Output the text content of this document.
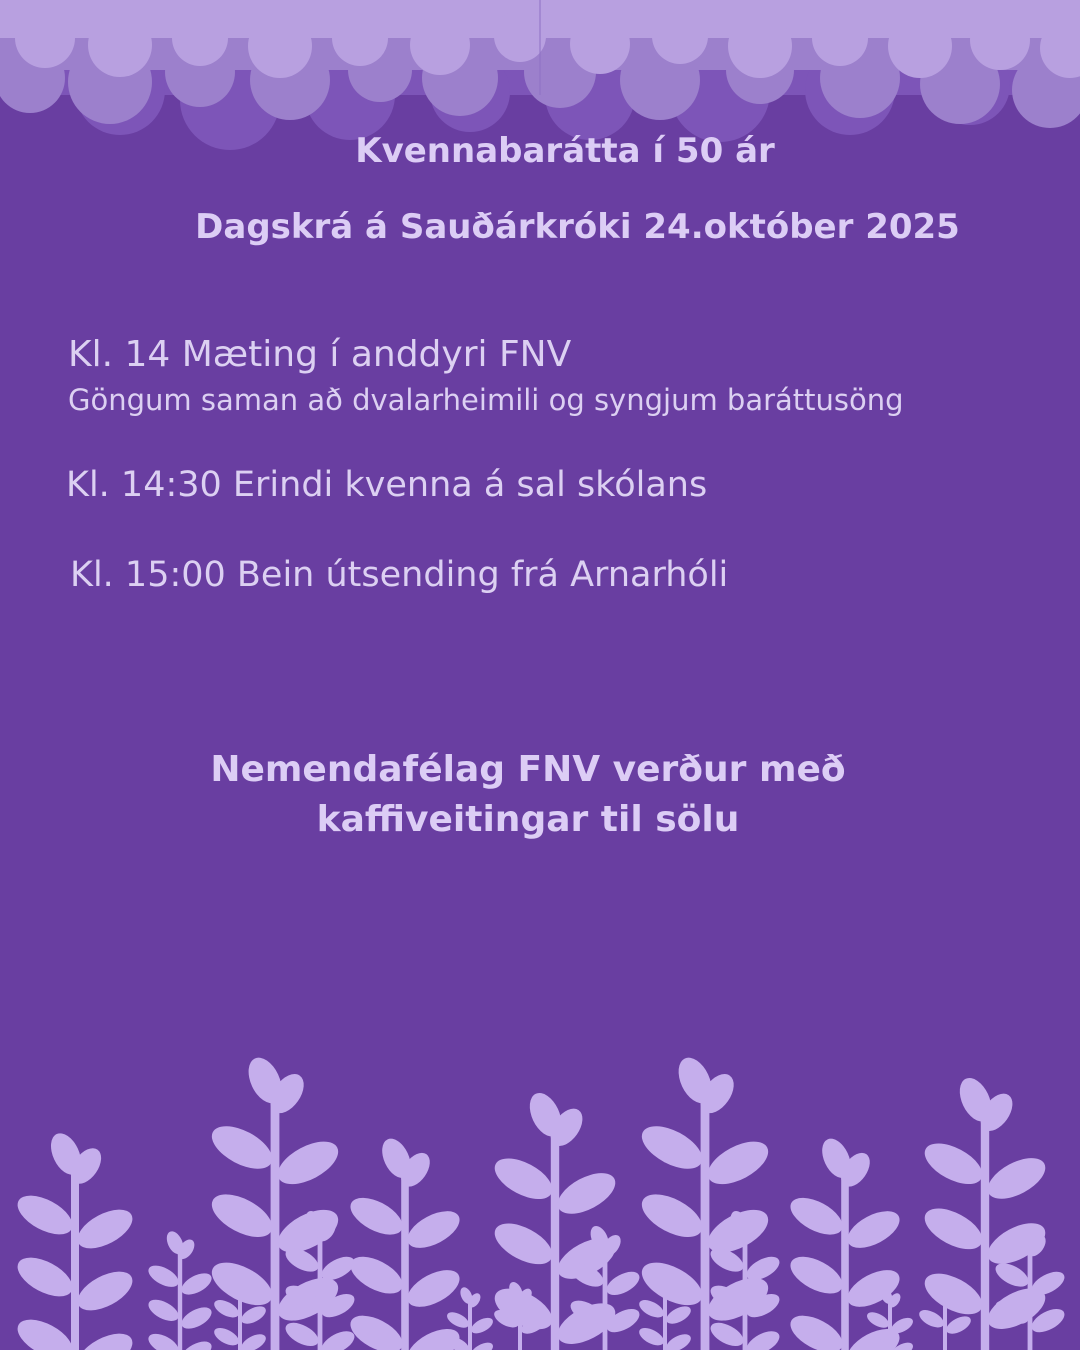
Kvennabarátta í 50 ár

Dagskrá á Sauðárkróki 24.október 2025

Kl. 14 Mæting í anddyri FNV

Göngum saman að dvalarheimili og syngjum baráttusöng

Kl. 14:30 Erindi kvenna á sal skólans

Kl. 15:00 Bein útsending frá Arnarhóli

Nemendafélag FNV verður með
kaffiveitingar til sölu
